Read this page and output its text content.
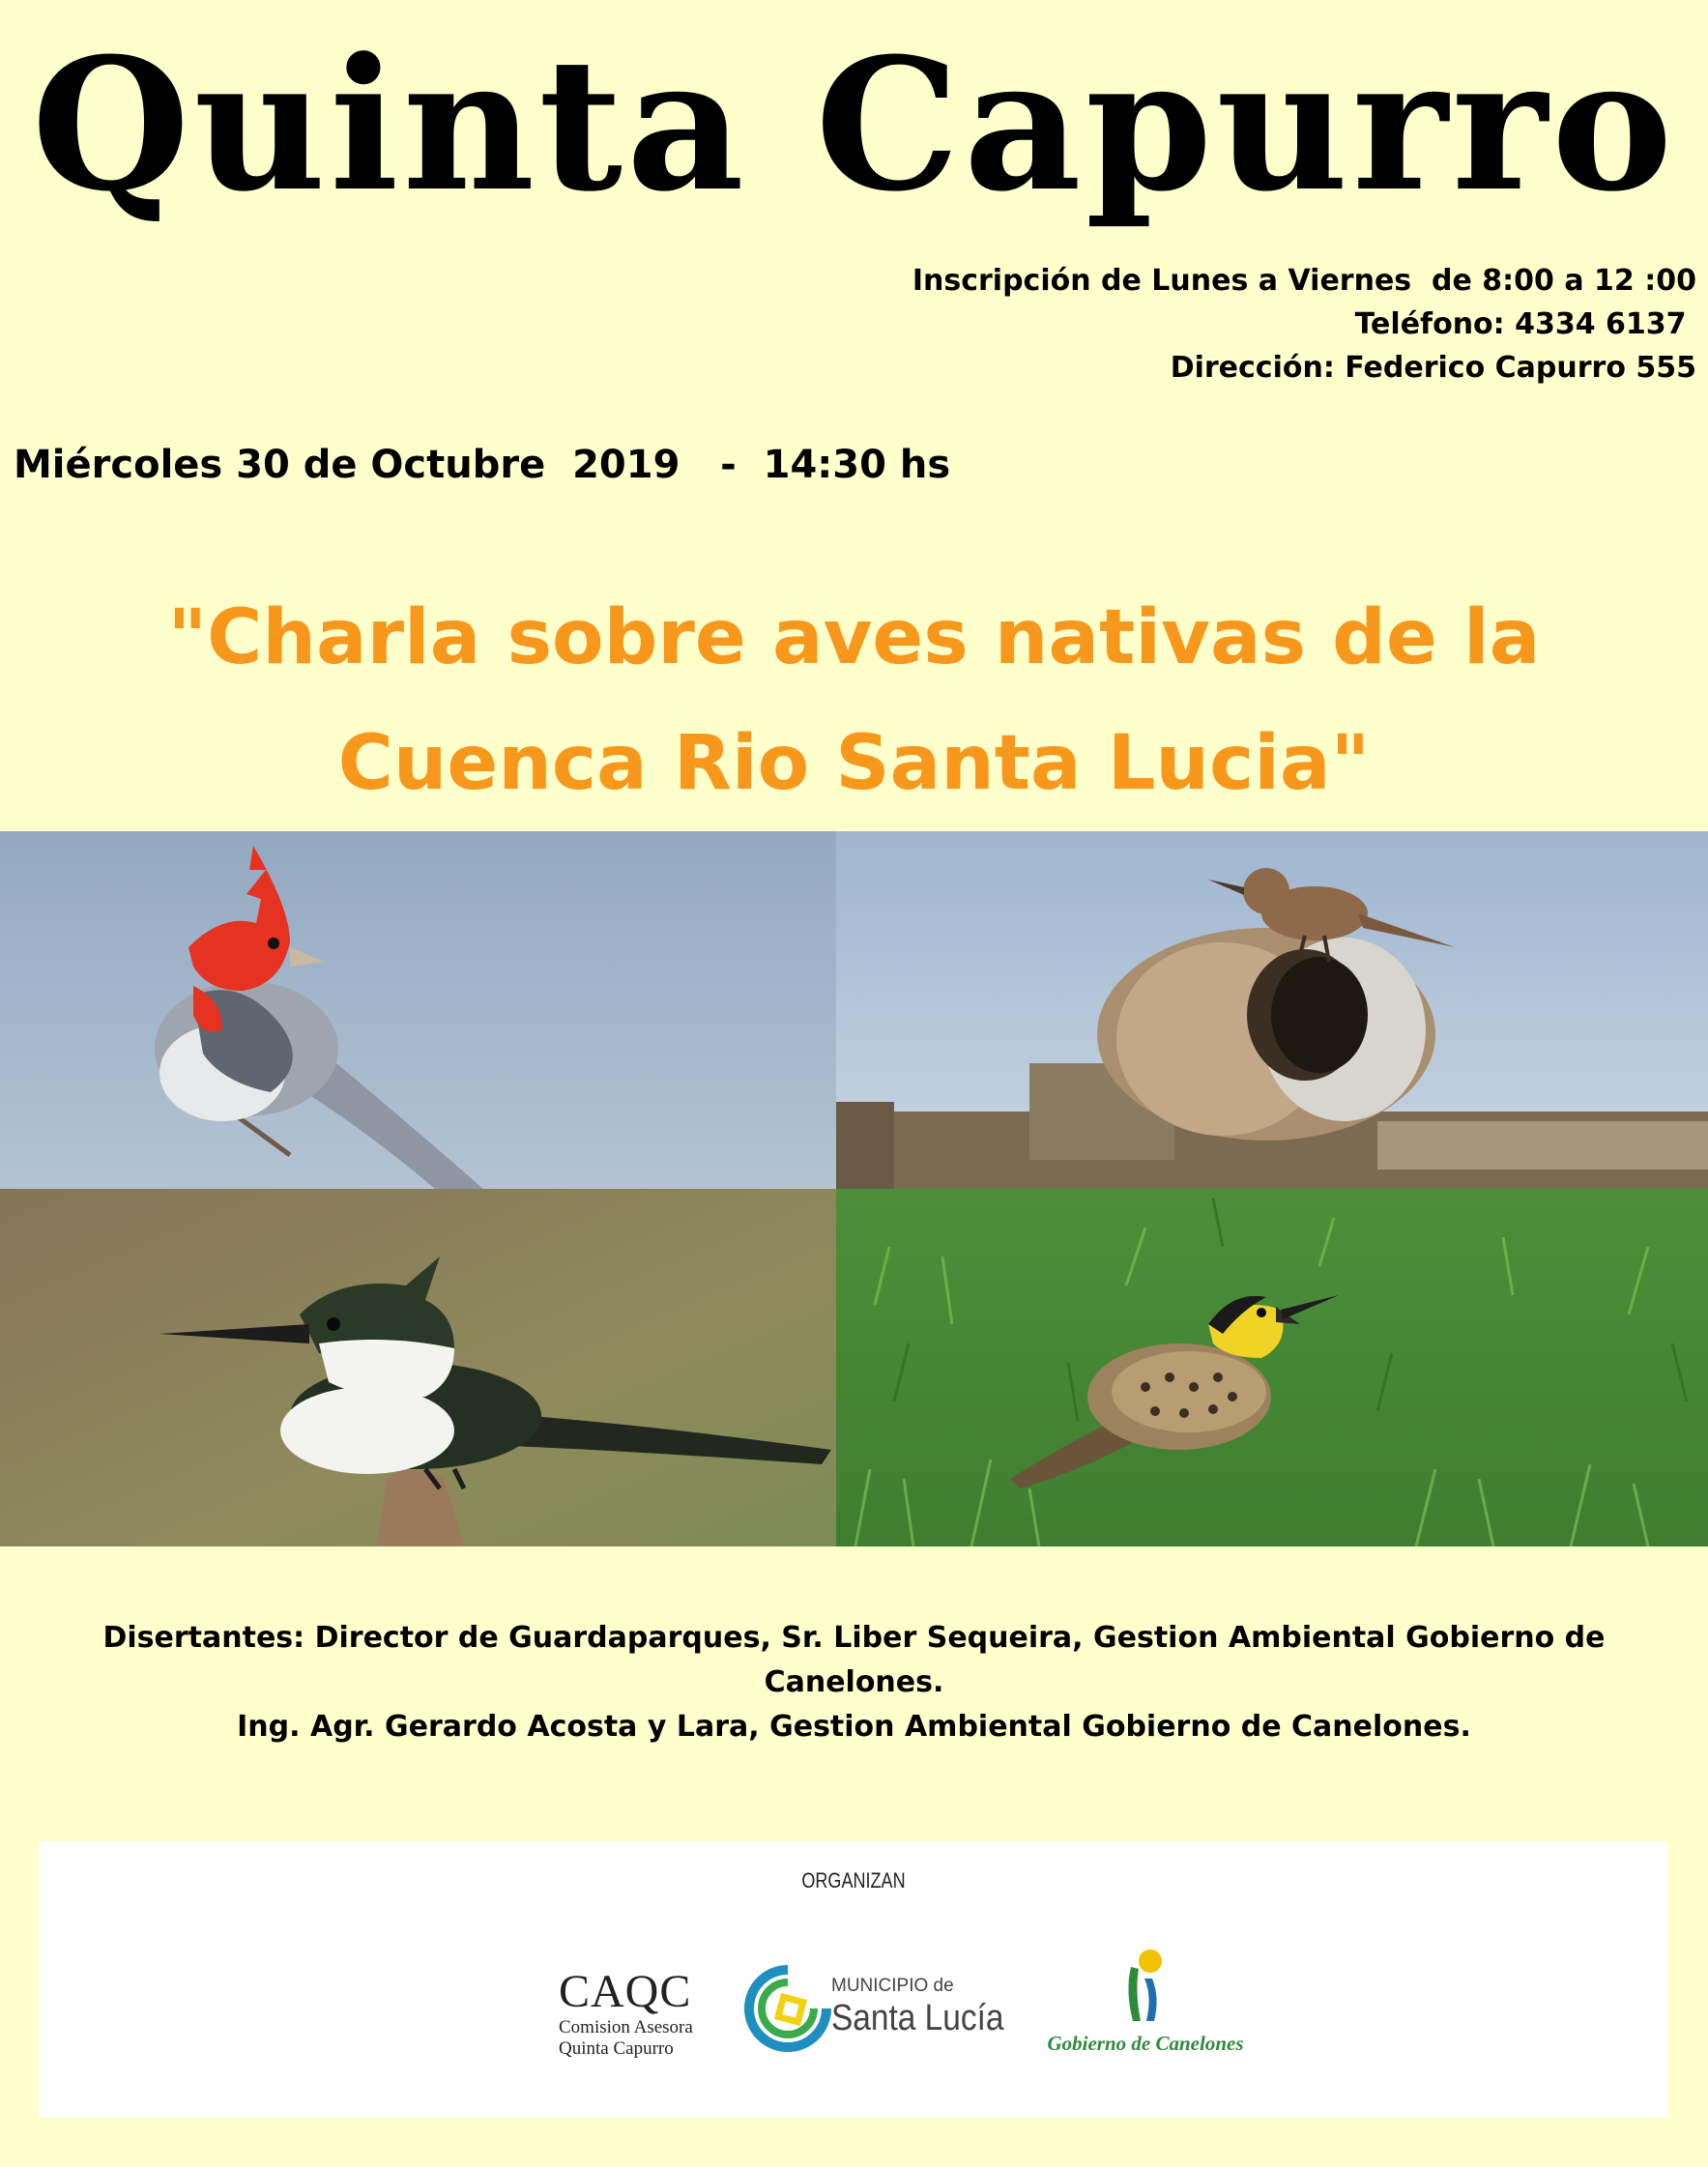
Quinta Capurro
Inscripción de Lunes a Viernes  de 8:00 a 12 :00
Teléfono: 4334 6137
Dirección: Federico Capurro 555
Miércoles 30 de Octubre  2019   -  14:30 hs
"Charla sobre aves nativas de la
Cuenca Rio Santa Lucia"
Disertantes: Director de Guardaparques, Sr. Liber Sequeira, Gestion Ambiental Gobierno de Canelones.
Ing. Agr. Gerardo Acosta y Lara, Gestion Ambiental Gobierno de Canelones.
ORGANIZAN
CAQC
Comision Asesora
Quinta Capurro
MUNICIPIO de
Santa Lucía
Gobierno de Canelones
